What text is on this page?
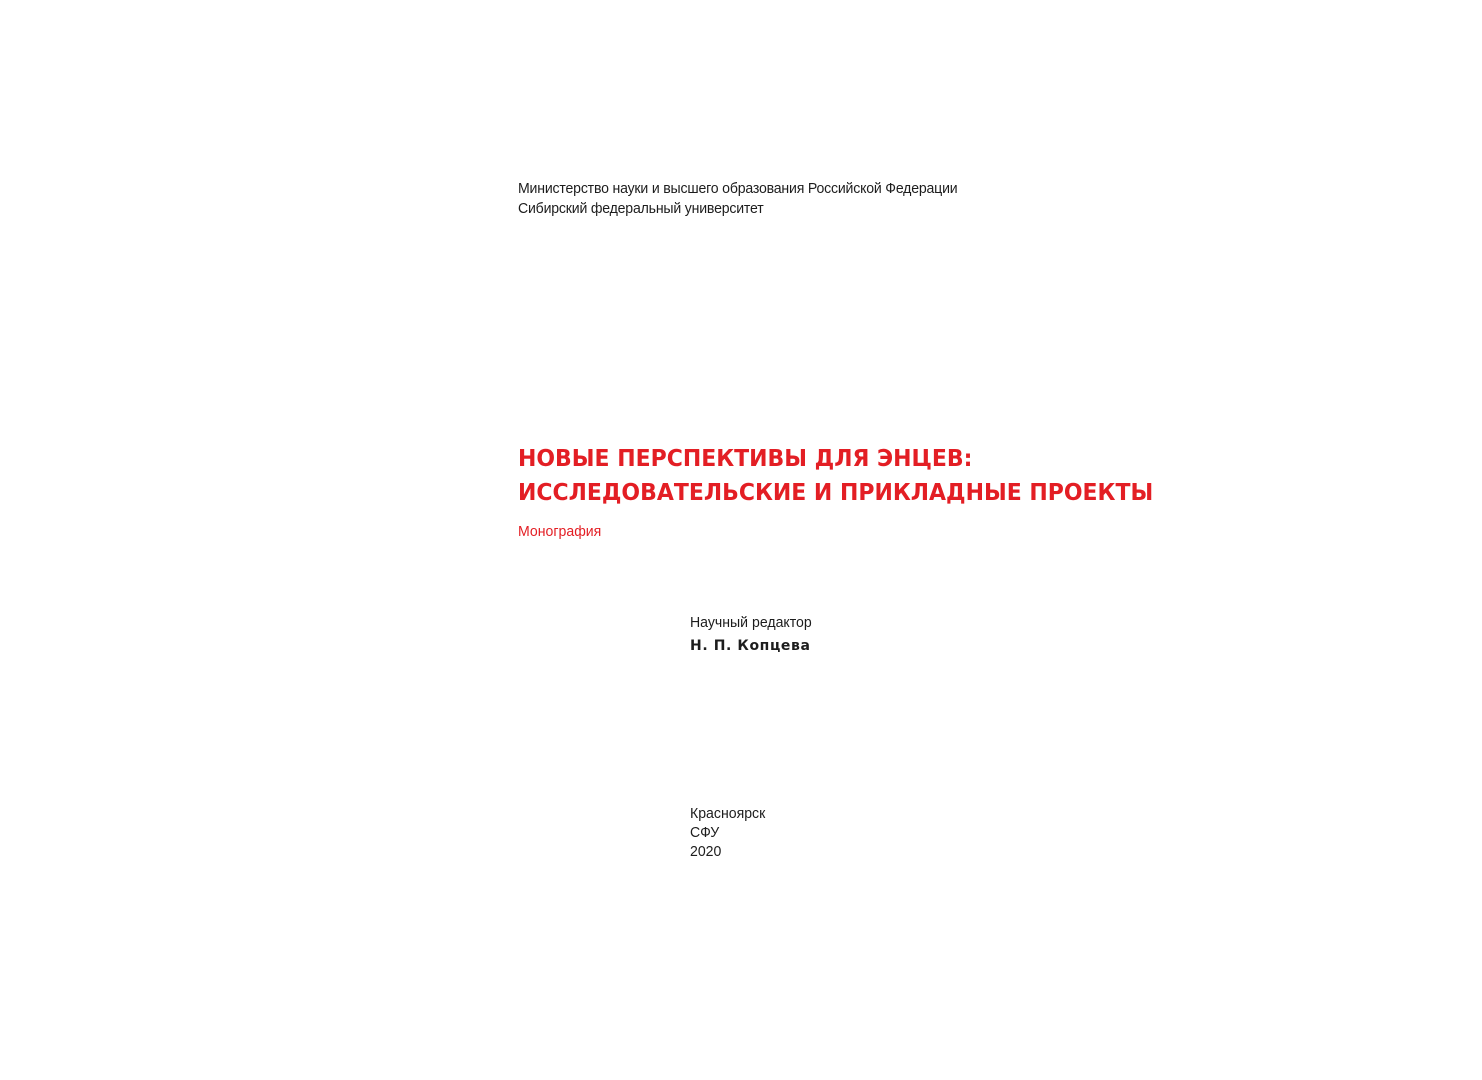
Министерство науки и высшего образования Российской Федерации
Сибирский федеральный университет
НОВЫЕ ПЕРСПЕКТИВЫ ДЛЯ ЭНЦЕВ:
ИССЛЕДОВАТЕЛЬСКИЕ И ПРИКЛАДНЫЕ ПРОЕКТЫ
Монография
Научный редактор
Н. П. Копцева
Красноярск
СФУ
2020
